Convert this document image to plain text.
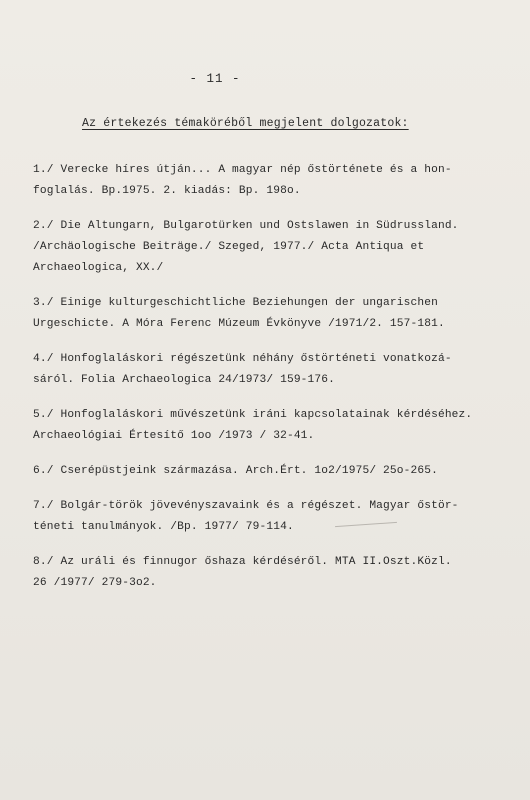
- 11 -
Az értekezés témaköréből megjelent dolgozatok:
1./ Verecke híres útján... A magyar nép őstörténete és a hon-
foglalás. Bp.1975. 2. kiadás: Bp. 198o.
2./ Die Altungarn, Bulgarotürken und Ostslawen in Südrussland.
/Archäologische Beiträge./ Szeged, 1977./ Acta Antiqua et
Archaeologica, XX./
3./ Einige kulturgeschichtliche Beziehungen der ungarischen
Urgeschicte. A Móra Ferenc Múzeum Évkönyve /1971/2. 157-181.
4./ Honfoglaláskori régészetünk néhány őstörténeti vonatkozá-
sáról. Folia Archaeologica 24/1973/ 159-176.
5./ Honfoglaláskori művészetünk iráni kapcsolatainak kérdéséhez.
Archaeológiai Értesítő 1oo /1973 / 32-41.
6./ Cserépüstjeink származása. Arch.Ért. 1o2/1975/ 25o-265.
7./ Bolgár-török jövevényszavaink és a régészet. Magyar őstör-
téneti tanulmányok. /Bp. 1977/ 79-114.
8./ Az uráli és finnugor őshaza kérdéséről. MTA II.Oszt.Közl.
26 /1977/ 279-3o2.
